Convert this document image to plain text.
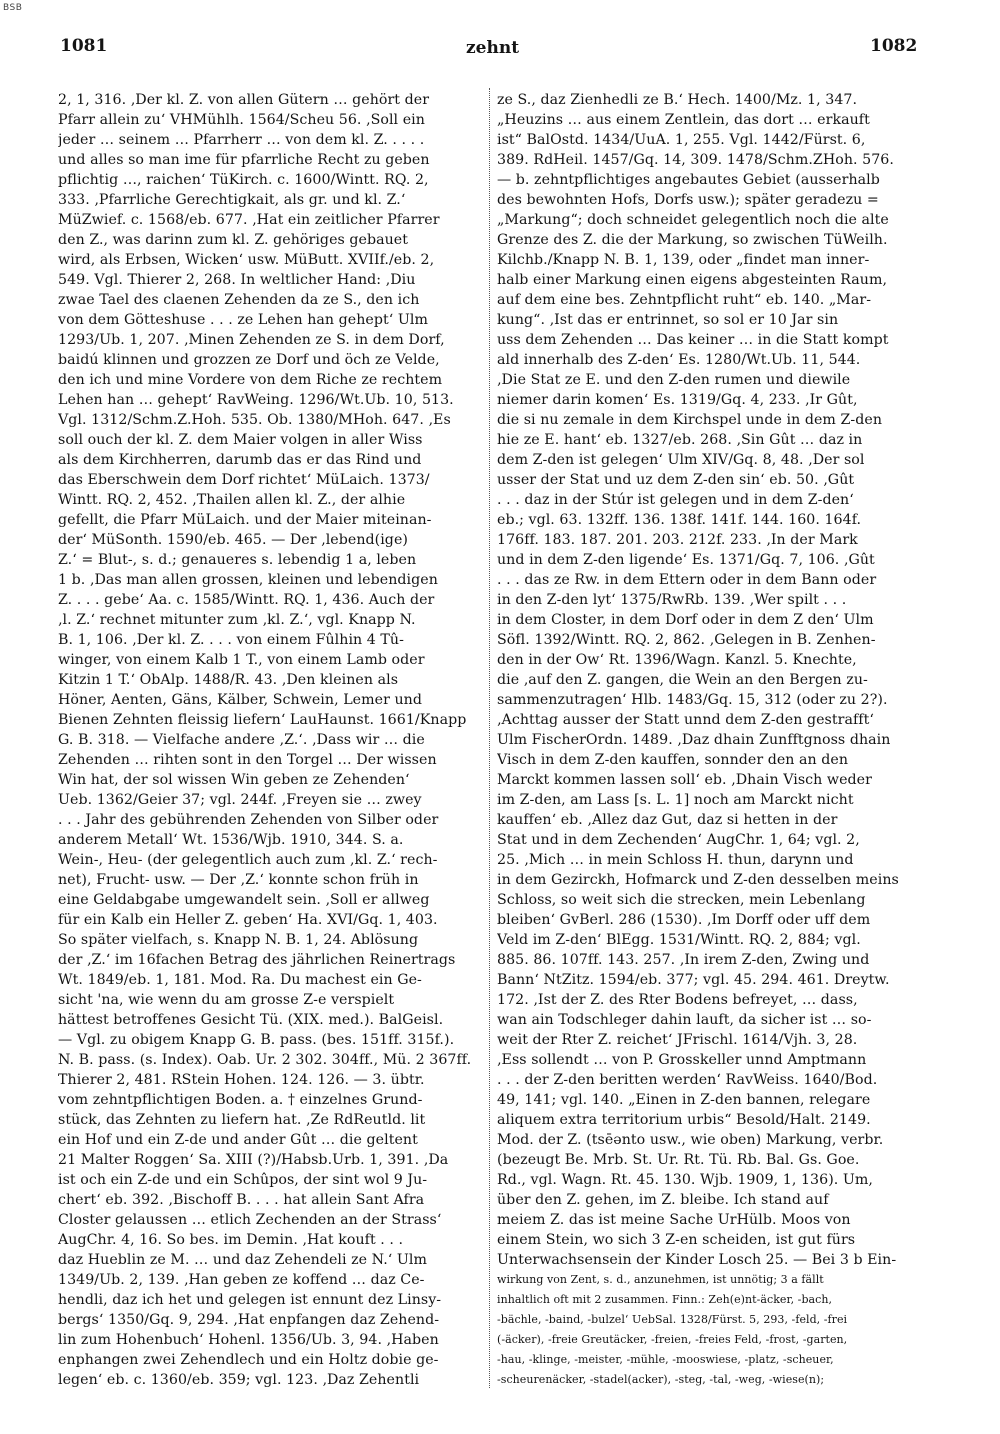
BSB
1081	zehnt	1082
2, 1, 316. ‚Der kl. Z. von allen Gütern … gehört der
Pfarr allein zu‘ VHMühlh. 1564/Scheu 56. ‚Soll ein
jeder … seinem … Pfarrherr … von dem kl. Z. . . . .
und alles so man ime für pfarrliche Recht zu geben
pflichtig …, raichen‘ TüKirch. c. 1600/Wintt. RQ. 2,
333. ‚Pfarrliche Gerechtigkait, als gr. und kl. Z.‘
MüZwief. c. 1568/eb. 677. ‚Hat ein zeitlicher Pfarrer
den Z., was darinn zum kl. Z. gehöriges gebauet
wird, als Erbsen, Wicken‘ usw. MüButt. XVIIf./eb. 2,
549. Vgl. Thierer 2, 268. In weltlicher Hand: ‚Diu
zwae Tael des claenen Zehenden da ze S., den ich
von dem Götteshuse . . . ze Lehen han gehept‘ Ulm
1293/Ub. 1, 207. ‚Minen Zehenden ze S. in dem Dorf,
baidú klinnen und grozzen ze Dorf und öch ze Velde,
den ich und mine Vordere von dem Riche ze rechtem
Lehen han … gehept‘ RavWeing. 1296/Wt.Ub. 10, 513.
Vgl. 1312/Schm.Z.Hoh. 535. Ob. 1380/MHoh. 647. ‚Es
soll ouch der kl. Z. dem Maier volgen in aller Wiss
als dem Kirchherren, darumb das er das Rind und
das Eberschwein dem Dorf richtet‘ MüLaich. 1373/
Wintt. RQ. 2, 452. ‚Thailen allen kl. Z., der alhie
gefellt, die Pfarr MüLaich. und der Maier miteinan-
der‘ MüSonth. 1590/eb. 465. — Der ‚lebend(ige)
Z.‘ = Blut-, s. d.; genaueres s. lebendig 1 a, leben
1 b. ‚Das man allen grossen, kleinen und lebendigen
Z. . . . gebe‘ Aa. c. 1585/Wintt. RQ. 1, 436. Auch der
‚l. Z.‘ rechnet mitunter zum ‚kl. Z.‘, vgl. Knapp N.
B. 1, 106. ‚Der kl. Z. . . . von einem Fûlhin 4 Tû-
winger, von einem Kalb 1 T., von einem Lamb oder
Kitzin 1 T.‘ ObAlp. 1488/R. 43. ‚Den kleinen als
Höner, Aenten, Gäns, Kälber, Schwein, Lemer und
Bienen Zehnten fleissig liefern‘ LauHaunst. 1661/Knapp
G. B. 318. — Vielfache andere ‚Z.‘. ‚Dass wir … die
Zehenden … rihten sont in den Torgel … Der wissen
Win hat, der sol wissen Win geben ze Zehenden‘
Ueb. 1362/Geier 37; vgl. 244f. ‚Freyen sie … zwey
. . . Jahr des gebührenden Zehenden von Silber oder
anderem Metall‘ Wt. 1536/Wjb. 1910, 344. S. a.
Wein-, Heu- (der gelegentlich auch zum ‚kl. Z.‘ rech-
net), Frucht- usw. — Der ‚Z.‘ konnte schon früh in
eine Geldabgabe umgewandelt sein. ‚Soll er allweg
für ein Kalb ein Heller Z. geben‘ Ha. XVI/Gq. 1, 403.
So später vielfach, s. Knapp N. B. 1, 24. Ablösung
der ‚Z.‘ im 16fachen Betrag des jährlichen Reinertrags
Wt. 1849/eb. 1, 181. Mod. Ra. Du machest ein Ge-
sicht 'na, wie wenn du am grosse Z-e verspielt
hättest betroffenes Gesicht Tü. (XIX. med.). BalGeisl.
— Vgl. zu obigem Knapp G. B. pass. (bes. 151ff. 315f.).
N. B. pass. (s. Index). Oab. Ur. 2 302. 304ff., Mü. 2 367ff.
Thierer 2, 481. RStein Hohen. 124. 126. — 3. übtr.
vom zehntpflichtigen Boden. a. † einzelnes Grund-
stück, das Zehnten zu liefern hat. ‚Ze RdReutld. lit
ein Hof und ein Z-de und ander Gût … die geltent
21 Malter Roggen‘ Sa. XIII (?)/Habsb.Urb. 1, 391. ‚Da
ist och ein Z-de und ein Schûpos, der sint wol 9 Ju-
chert‘ eb. 392. ‚Bischoff B. . . . hat allein Sant Afra
Closter gelaussen … etlich Zechenden an der Strass‘
AugChr. 4, 16. So bes. im Demin. ‚Hat kouft . . .
daz Hueblin ze M. … und daz Zehendeli ze N.‘ Ulm
1349/Ub. 2, 139. ‚Han geben ze koffend … daz Ce-
hendli, daz ich het und gelegen ist ennunt dez Linsy-
bergs‘ 1350/Gq. 9, 294. ‚Hat enpfangen daz Zehend-
lin zum Hohenbuch‘ Hohenl. 1356/Ub. 3, 94. ‚Haben
enphangen zwei Zehendlech und ein Holtz dobie ge-
legen‘ eb. c. 1360/eb. 359; vgl. 123. ‚Daz Zehentli
ze S., daz Zienhedli ze B.‘ Hech. 1400/Mz. 1, 347.
„Heuzins … aus einem Zentlein, das dort … erkauft
ist“ BalOstd. 1434/UuA. 1, 255. Vgl. 1442/Fürst. 6,
389. RdHeil. 1457/Gq. 14, 309. 1478/Schm.ZHoh. 576.
— b. zehntpflichtiges angebautes Gebiet (ausserhalb
des bewohnten Hofs, Dorfs usw.); später geradezu =
„Markung“; doch schneidet gelegentlich noch die alte
Grenze des Z. die der Markung, so zwischen TüWeilh.
Kilchb./Knapp N. B. 1, 139, oder „findet man inner-
halb einer Markung einen eigens abgesteinten Raum,
auf dem eine bes. Zehntpflicht ruht“ eb. 140. „Mar-
kung“. ‚Ist das er entrinnet, so sol er 10 Jar sin
uss dem Zehenden … Das keiner … in die Statt kompt
ald innerhalb des Z-den‘ Es. 1280/Wt.Ub. 11, 544.
‚Die Stat ze E. und den Z-den rumen und diewile
niemer darin komen‘ Es. 1319/Gq. 4, 233. ‚Ir Gût,
die si nu zemale in dem Kirchspel unde in dem Z-den
hie ze E. hant‘ eb. 1327/eb. 268. ‚Sin Gût … daz in
dem Z-den ist gelegen‘ Ulm XIV/Gq. 8, 48. ‚Der sol
usser der Stat und uz dem Z-den sin‘ eb. 50. ‚Gût
. . . daz in der Stúr ist gelegen und in dem Z-den‘
eb.; vgl. 63. 132ff. 136. 138f. 141f. 144. 160. 164f.
176ff. 183. 187. 201. 203. 212f. 233. ‚In der Mark
und in dem Z-den ligende‘ Es. 1371/Gq. 7, 106. ‚Gût
. . . das ze Rw. in dem Ettern oder in dem Bann oder
in den Z-den lyt‘ 1375/RwRb. 139. ‚Wer spilt . . .
in dem Closter, in dem Dorf oder in dem Z den‘ Ulm
Söfl. 1392/Wintt. RQ. 2, 862. ‚Gelegen in B. Zenhen-
den in der Ow‘ Rt. 1396/Wagn. Kanzl. 5. Knechte,
die ‚auf den Z. gangen, die Wein an den Bergen zu-
sammenzutragen‘ Hlb. 1483/Gq. 15, 312 (oder zu 2?).
‚Achttag ausser der Statt unnd dem Z-den gestrafft‘
Ulm FischerOrdn. 1489. ‚Daz dhain Zunfftgnoss dhain
Visch in dem Z-den kauffen, sonnder den an den
Marckt kommen lassen soll‘ eb. ‚Dhain Visch weder
im Z-den, am Lass [s. L. 1] noch am Marckt nicht
kauffen‘ eb. ‚Allez daz Gut, daz si hetten in der
Stat und in dem Zechenden‘ AugChr. 1, 64; vgl. 2,
25. ‚Mich … in mein Schloss H. thun, darynn und
in dem Gezirckh, Hofmarck und Z-den desselben meins
Schloss, so weit sich die strecken, mein Lebenlang
bleiben‘ GvBerl. 286 (1530). ‚Im Dorff oder uff dem
Veld im Z-den‘ BlEgg. 1531/Wintt. RQ. 2, 884; vgl.
885. 86. 107ff. 143. 257. ‚In irem Z-den, Zwing und
Bann‘ NtZitz. 1594/eb. 377; vgl. 45. 294. 461. Dreytw.
172. ‚Ist der Z. des Rter Bodens befreyet, … dass,
wan ain Todschleger dahin lauft, da sicher ist … so-
weit der Rter Z. reichet‘ JFrischl. 1614/Vjh. 3, 28.
‚Ess sollendt … von P. Grosskeller unnd Amptmann
. . . der Z-den beritten werden‘ RavWeiss. 1640/Bod.
49, 141; vgl. 140. „Einen in Z-den bannen, relegare
aliquem extra territorium urbis“ Besold/Halt. 2149.
Mod. der Z. (tsēənto usw., wie oben) Markung, verbr.
(bezeugt Be. Mrb. St. Ur. Rt. Tü. Rb. Bal. Gs. Goe.
Rd., vgl. Wagn. Rt. 45. 130. Wjb. 1909, 1, 136). Um,
über den Z. gehen, im Z. bleibe. Ich stand auf
meiem Z. das ist meine Sache UrHülb. Moos von
einem Stein, wo sich 3 Z-en scheiden, ist gut fürs
Unterwachsensein der Kinder Losch 25. — Bei 3 b Ein-
wirkung von Zent, s. d., anzunehmen, ist unnötig; 3 a fällt
inhaltlich oft mit 2 zusammen. Finn.: Zeh(e)nt-äcker, -bach,
-bächle, -baind, -bulzel‘ UebSal. 1328/Fürst. 5, 293, -feld, -frei
(-äcker), -freie Greutäcker, -freien, -freies Feld, -frost, -garten,
-hau, -klinge, -meister, -mühle, -mooswiese, -platz, -scheuer,
-scheurenäcker, -stadel(acker), -steg, -tal, -weg, -wiese(n);
